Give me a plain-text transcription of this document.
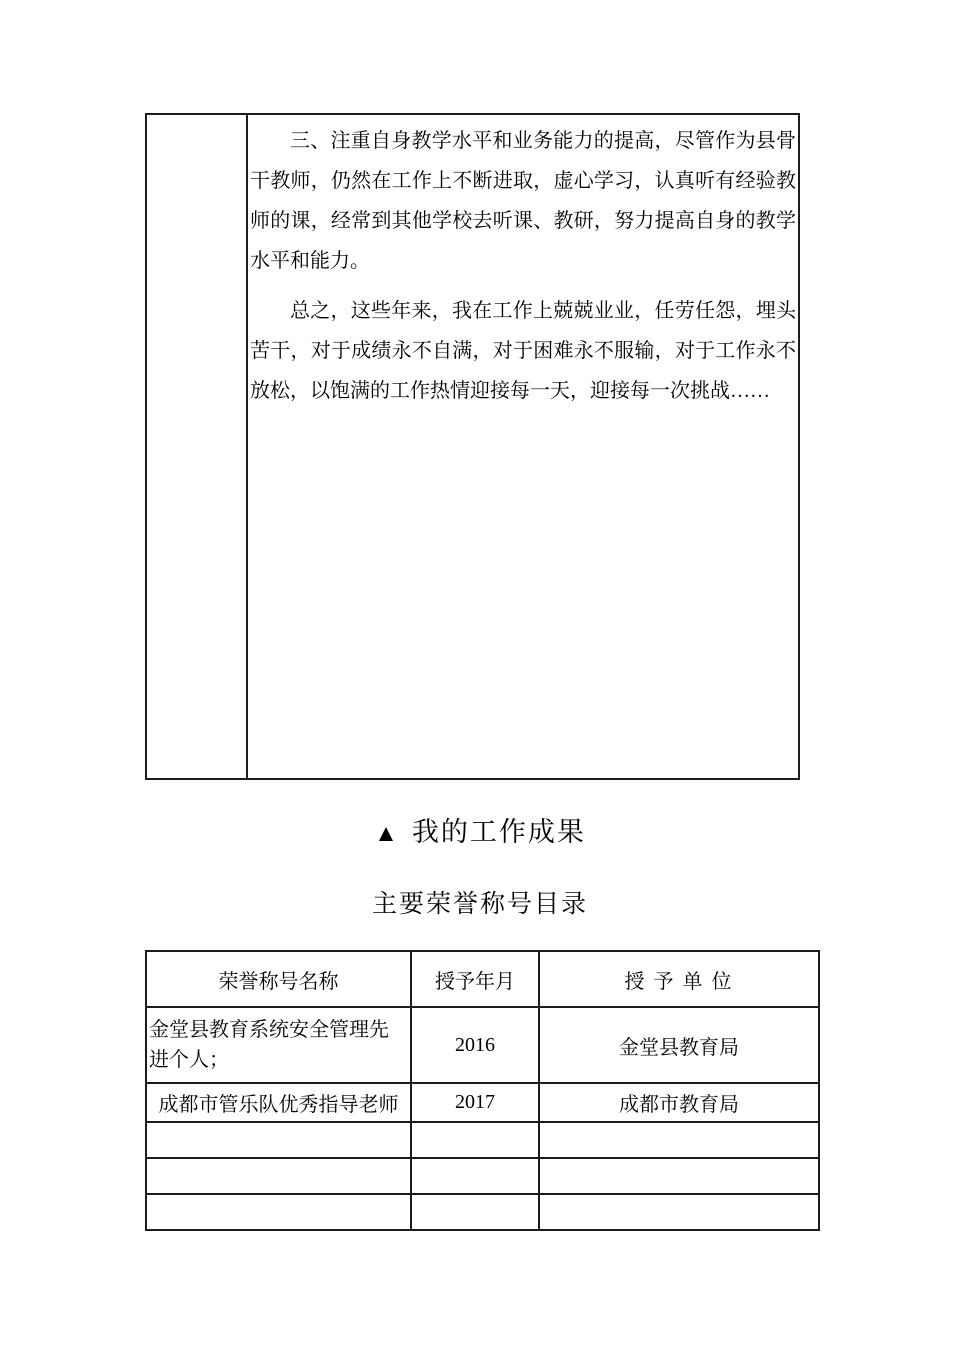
三、注重自身教学水平和业务能力的提高，尽管作为县骨干教师，仍然在工作上不断进取，虚心学习，认真听有经验教师的课，经常到其他学校去听课、教研，努力提高自身的教学水平和能力。

总之，这些年来，我在工作上兢兢业业，任劳任怨，埋头苦干，对于成绩永不自满，对于困难永不服输，对于工作永不放松，以饱满的工作热情迎接每一天，迎接每一次挑战……

▲ 我的工作成果
主要荣誉称号目录
荣誉称号名称	授予年月	授 予 单 位
金堂县教育系统安全管理先进个人；	2016	金堂县教育局
成都市管乐队优秀指导老师	2017	成都市教育局
